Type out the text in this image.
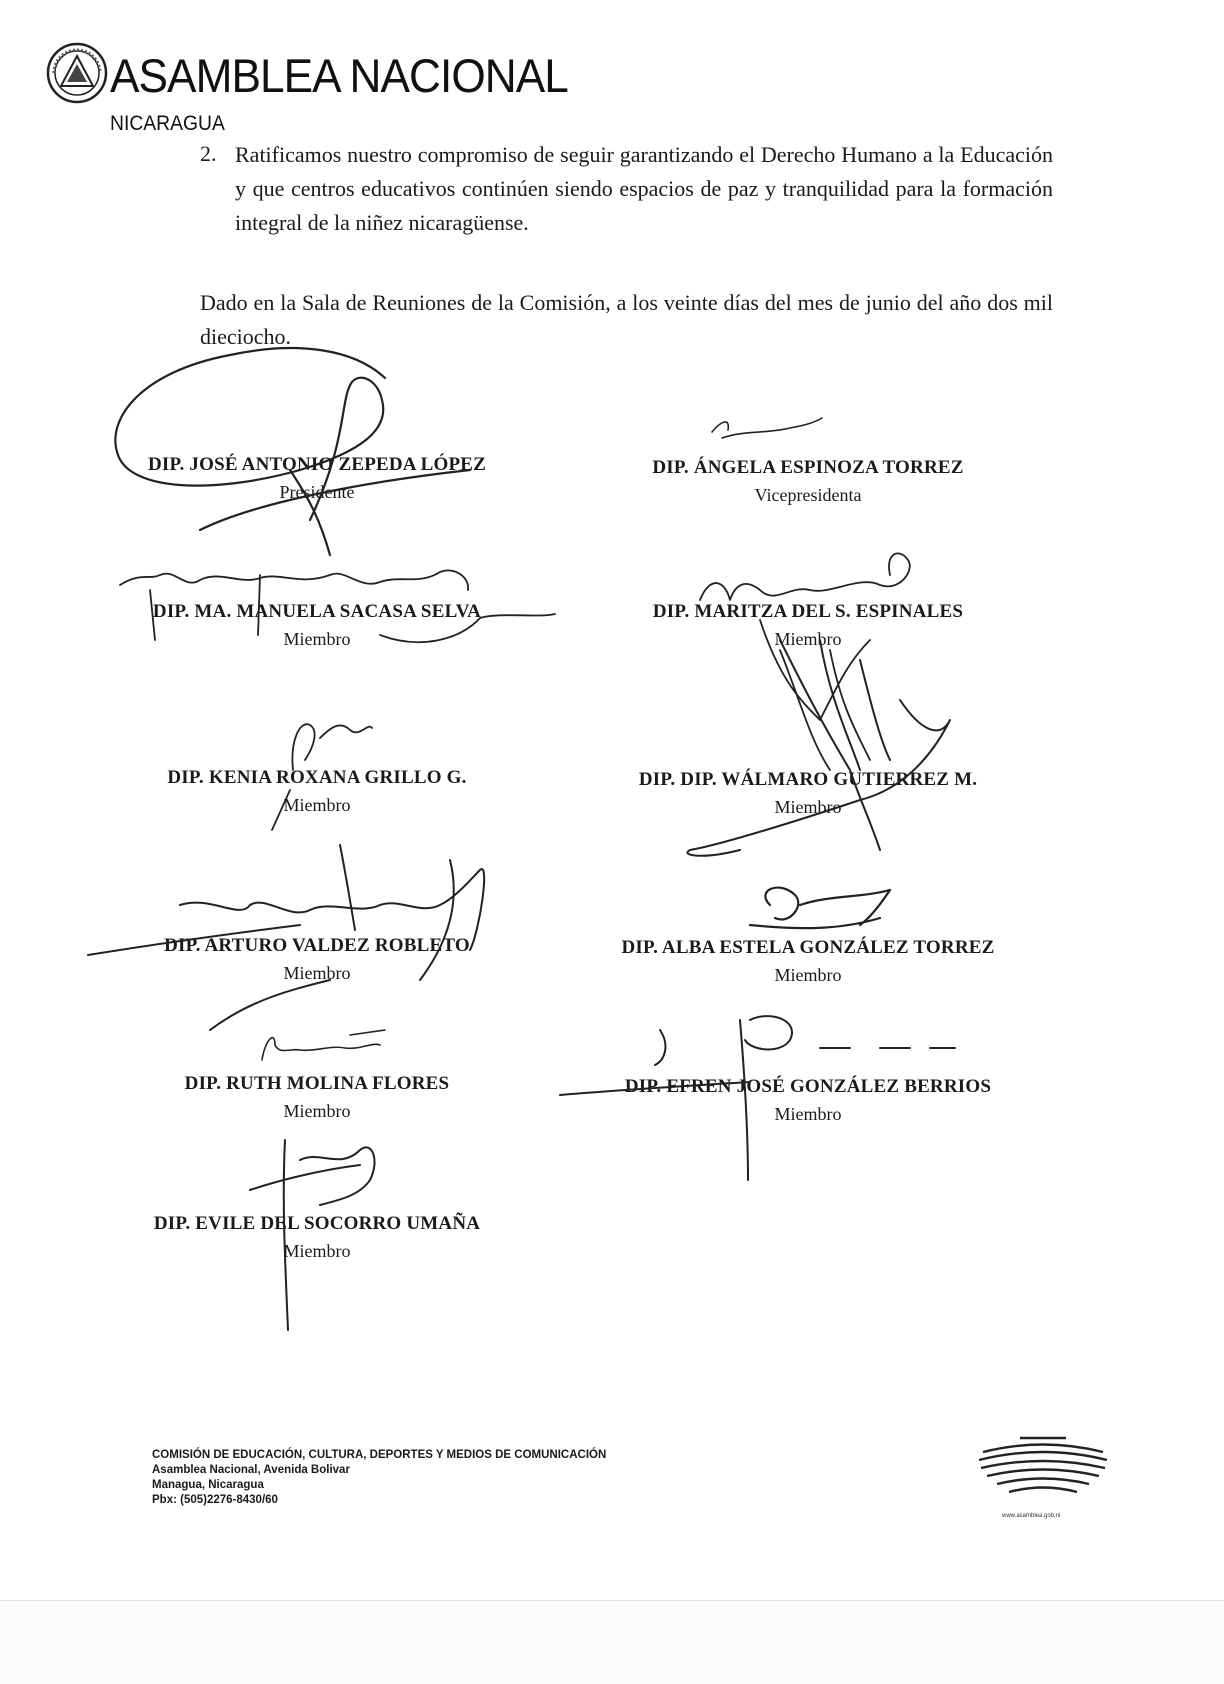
ASAMBLEA NACIONAL
NICARAGUA
2. Ratificamos nuestro compromiso de seguir garantizando el Derecho Humano a la Educación y que centros educativos continúen siendo espacios de paz y tranquilidad para la formación integral de la niñez nicaragüense.
Dado en la Sala de Reuniones de la Comisión, a los veinte días del mes de junio del año dos mil dieciocho.
DIP. JOSÉ ANTONIO ZEPEDA LÓPEZ
Presidente
DIP. ÁNGELA ESPINOZA TORREZ
Vicepresidenta
DIP. MA. MANUELA SACASA SELVA
Miembro
DIP. MARITZA DEL S. ESPINALES
Miembro
DIP. KENIA ROXANA GRILLO G.
Miembro
DIP. DIP. WÁLMARO GUTIERREZ M.
Miembro
DIP. ARTURO VALDEZ ROBLETO
Miembro
DIP. ALBA ESTELA GONZÁLEZ TORREZ
Miembro
DIP. RUTH MOLINA FLORES
Miembro
DIP. EFREN JOSÉ GONZÁLEZ BERRIOS
Miembro
DIP. EVILE DEL SOCORRO UMAÑA
Miembro
COMISIÓN DE EDUCACIÓN, CULTURA, DEPORTES Y MEDIOS DE COMUNICACIÓN
Asamblea Nacional, Avenida Bolivar
Managua, Nicaragua
Pbx: (505)2276-8430/60
www.asamblea.gob.ni
